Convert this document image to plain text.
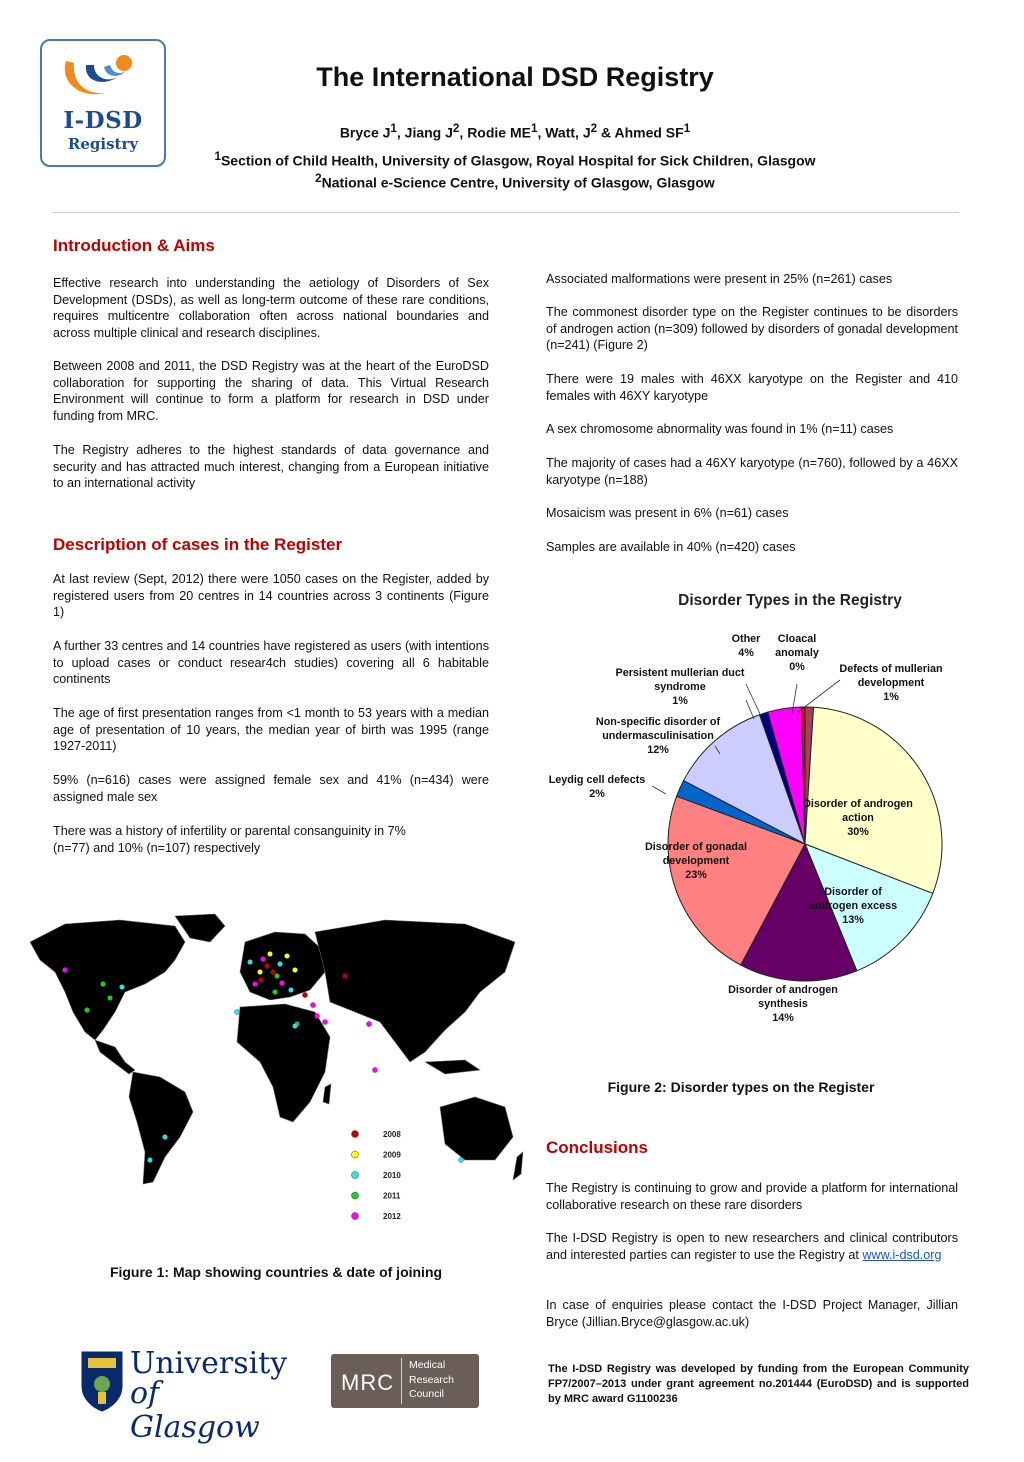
I-DSD
Registry
The International DSD Registry
Bryce $J^1$, Jiang $J^2$, Rodie $ME^1$, Watt, $J^2$ & Ahmed $SF^1$
$^1$Section of Child Health, University of Glasgow, Royal Hospital for Sick Children, Glasgow
$^2$National e-Science Centre, University of Glasgow, Glasgow
Introduction & Aims
Effective research into understanding the aetiology of Disorders of Sex Development (DSDs), as well as long-term outcome of these rare conditions, requires multicentre collaboration often across national boundaries and across multiple clinical and research disciplines.
Between 2008 and 2011, the DSD Registry was at the heart of the EuroDSD collaboration for supporting the sharing of data. This Virtual Research Environment will continue to form a platform for research in DSD under funding from MRC.
The Registry adheres to the highest standards of data governance and security and has attracted much interest, changing from a European initiative to an international activity
Description of cases in the Register
At last review (Sept, 2012) there were 1050 cases on the Register, added by registered users from 20 centres in 14 countries across 3 continents (Figure 1)
A further 33 centres and 14 countries have registered as users (with intentions to upload cases or conduct resear4ch studies) covering all 6 habitable continents
The age of first presentation ranges from <1 month to 53 years with a median age of presentation of 10 years, the median year of birth was 1995 (range 1927-2011)
59% (n=616) cases were assigned female sex and 41% (n=434) were assigned male sex
There was a history of infertility or parental consanguinity in 7%
(n=77) and 10% (n=107) respectively
2008
2009
2010
2011
2012
Figure 1: Map showing countries & date of joining
Associated malformations were present in 25% (n=261) cases
The commonest disorder type on the Register continues to be disorders of androgen action (n=309) followed by disorders of gonadal development (n=241) (Figure 2)
There were 19 males with 46XX karyotype on the Register and 410 females with 46XY karyotype
A sex chromosome abnormality was found in 1% (n=11) cases
The majority of cases had a 46XY karyotype (n=760), followed by a 46XX karyotype (n=188)
Mosaicism was present in 6% (n=61) cases
Samples are available in 40% (n=420) cases
Disorder Types in the Registry
Other 4%
Cloacal anomaly 0%	Defects of mullerian development 1%
Persistent mullerian duct syndrome 1%
Non-specific disorder of undermasculinisation 12%
Leydig cell defects 2%
Disorder of androgen action 30%
Disorder of gonadal development 23%
Disorder of androgen excess 13%
Disorder of androgen synthesis 14%
Figure 2: Disorder types on the Register
Conclusions
The Registry is continuing to grow and provide a platform for international collaborative research on these rare disorders
The I-DSD Registry is open to new researchers and clinical contributors and interested parties can register to use the Registry at www.i-dsd.org
In case of enquiries please contact the I-DSD Project Manager, Jillian Bryce (Jillian.Bryce@glasgow.ac.uk)
University
of Glasgow
MRC
Medical
Research
Council
The I-DSD Registry was developed by funding from the European Community FP7/2007–2013 under grant agreement no.201444 (EuroDSD) and is supported by MRC award G1100236
